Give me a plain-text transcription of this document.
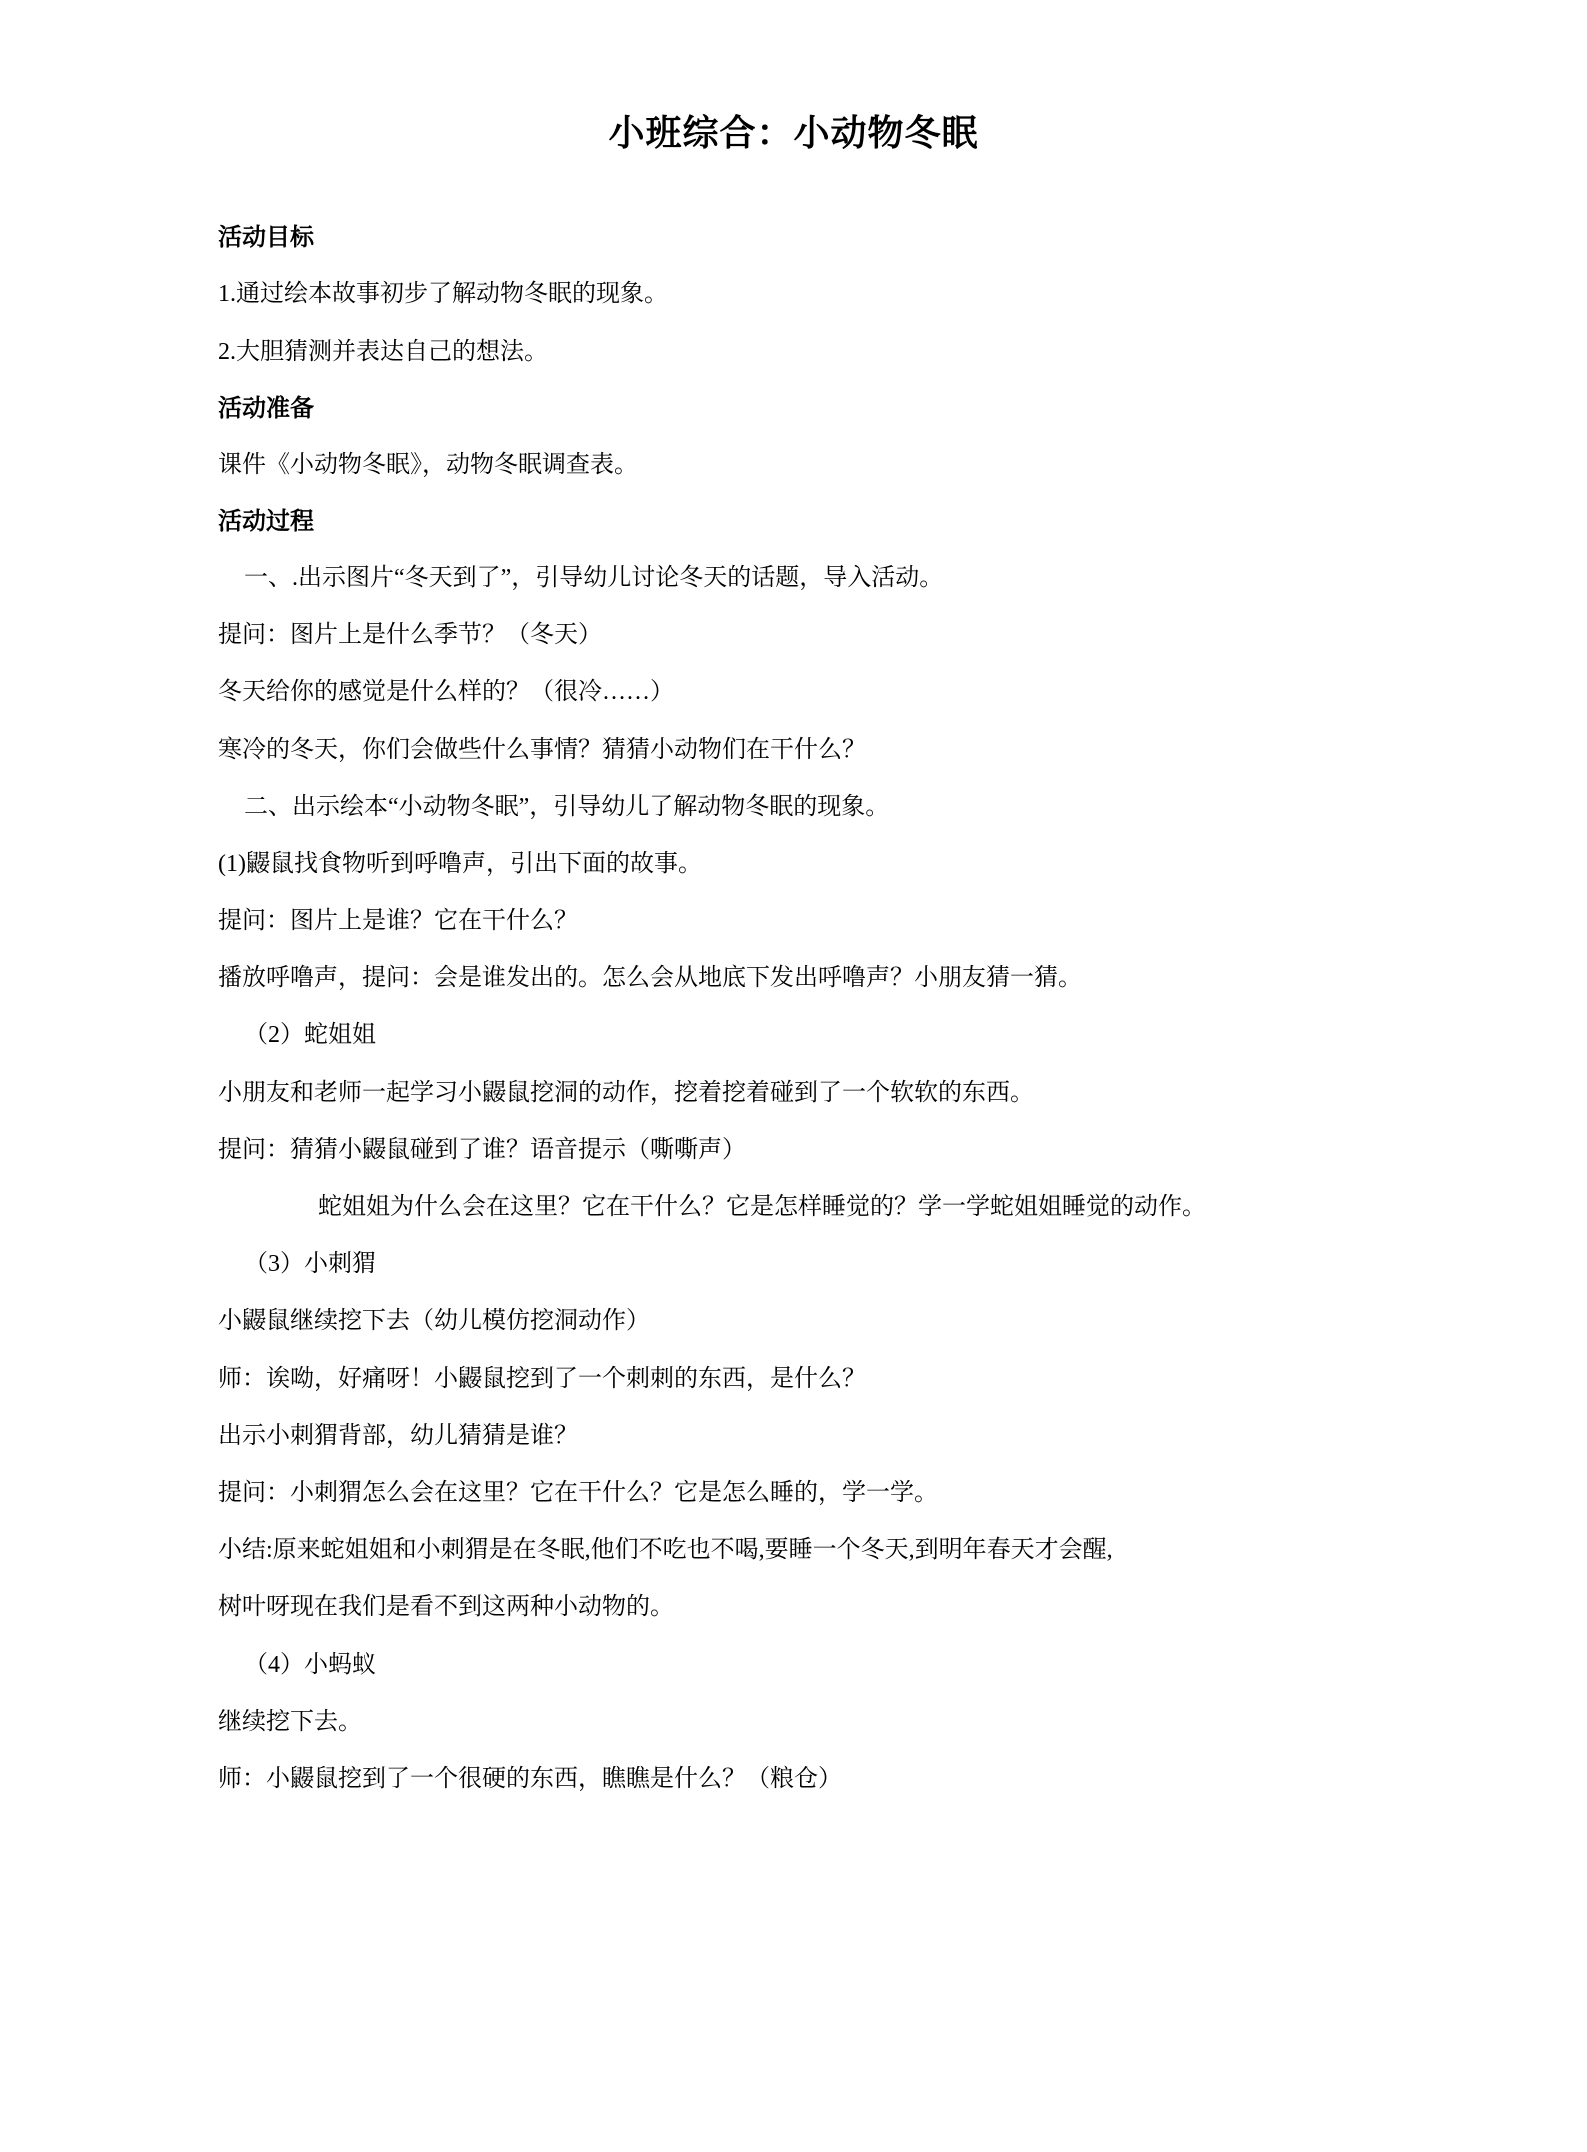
小班综合：小动物冬眠
活动目标

1.通过绘本故事初步了解动物冬眠的现象。

2.大胆猜测并表达自己的想法。

活动准备

课件《小动物冬眠》，动物冬眠调查表。

活动过程

一、.出示图片“冬天到了”，引导幼儿讨论冬天的话题，导入活动。

提问：图片上是什么季节？（冬天）

冬天给你的感觉是什么样的？（很冷……）

寒冷的冬天，你们会做些什么事情？猜猜小动物们在干什么？

二、出示绘本“小动物冬眠”，引导幼儿了解动物冬眠的现象。

(1)鼹鼠找食物听到呼噜声，引出下面的故事。

提问：图片上是谁？它在干什么？

播放呼噜声，提问：会是谁发出的。怎么会从地底下发出呼噜声？小朋友猜一猜。

（2）蛇姐姐

小朋友和老师一起学习小鼹鼠挖洞的动作，挖着挖着碰到了一个软软的东西。

提问：猜猜小鼹鼠碰到了谁？语音提示（嘶嘶声）

蛇姐姐为什么会在这里？它在干什么？它是怎样睡觉的？学一学蛇姐姐睡觉的动作。

（3）小刺猬

小鼹鼠继续挖下去（幼儿模仿挖洞动作）

师：诶呦，好痛呀！小鼹鼠挖到了一个刺刺的东西，是什么？

出示小刺猬背部，幼儿猜猜是谁？

提问：小刺猬怎么会在这里？它在干什么？它是怎么睡的，学一学。

小结:原来蛇姐姐和小刺猬是在冬眠,他们不吃也不喝,要睡一个冬天,到明年春天才会醒,

树叶呀现在我们是看不到这两种小动物的。

（4）小蚂蚁

继续挖下去。

师：小鼹鼠挖到了一个很硬的东西，瞧瞧是什么？（粮仓）
